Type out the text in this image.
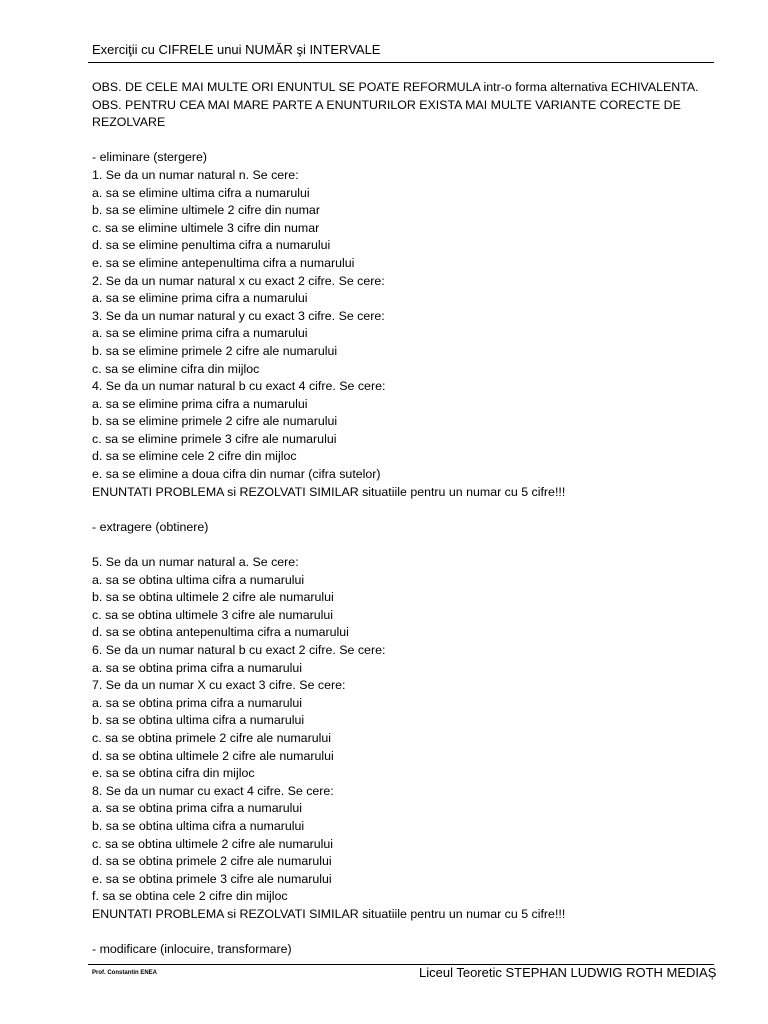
Exerciţii cu CIFRELE unui NUMĂR şi INTERVALE
OBS. DE CELE MAI MULTE ORI ENUNTUL SE POATE REFORMULA intr-o forma alternativa ECHIVALENTA.
OBS. PENTRU CEA MAI MARE PARTE A ENUNTURILOR EXISTA MAI MULTE VARIANTE CORECTE DE
REZOLVARE
- eliminare (stergere)
1. Se da un numar natural n. Se cere:
a. sa se elimine ultima cifra a numarului
b. sa se elimine ultimele 2 cifre din numar
c. sa se elimine ultimele 3 cifre din numar
d. sa se elimine penultima cifra a numarului
e. sa se elimine antepenultima cifra a numarului
2. Se da un numar natural x cu exact 2 cifre. Se cere:
a. sa se elimine prima cifra a numarului
3. Se da un numar natural y cu exact 3 cifre. Se cere:
a. sa se elimine prima cifra a numarului
b. sa se elimine primele 2 cifre ale numarului
c. sa se elimine cifra din mijloc
4. Se da un numar natural b cu exact 4 cifre. Se cere:
a. sa se elimine prima cifra a numarului
b. sa se elimine primele 2 cifre ale numarului
c. sa se elimine primele 3 cifre ale numarului
d. sa se elimine cele 2 cifre din mijloc
e. sa se elimine a doua cifra din numar (cifra sutelor)
ENUNTATI PROBLEMA si REZOLVATI SIMILAR situatiile pentru un numar cu 5 cifre!!!
- extragere (obtinere)
5. Se da un numar natural a. Se cere:
a. sa se obtina ultima cifra a numarului
b. sa se obtina ultimele 2 cifre ale numarului
c. sa se obtina ultimele 3 cifre ale numarului
d. sa se obtina antepenultima cifra a numarului
6. Se da un numar natural b cu exact 2 cifre. Se cere:
a. sa se obtina prima cifra a numarului
7. Se da un numar X cu exact 3 cifre. Se cere:
a. sa se obtina prima cifra a numarului
b. sa se obtina ultima cifra a numarului
c. sa se obtina primele 2 cifre ale numarului
d. sa se obtina ultimele 2 cifre ale numarului
e. sa se obtina cifra din mijloc
8. Se da un numar cu exact 4 cifre. Se cere:
a. sa se obtina prima cifra a numarului
b. sa se obtina ultima cifra a numarului
c. sa se obtina ultimele 2 cifre ale numarului
d. sa se obtina primele 2 cifre ale numarului
e. sa se obtina primele 3 cifre ale numarului
f. sa se obtina cele 2 cifre din mijloc
ENUNTATI PROBLEMA si REZOLVATI SIMILAR situatiile pentru un numar cu 5 cifre!!!
- modificare (inlocuire, transformare)
Prof. Constantin ENEA	Liceul Teoretic STEPHAN LUDWIG ROTH MEDIAȘ
